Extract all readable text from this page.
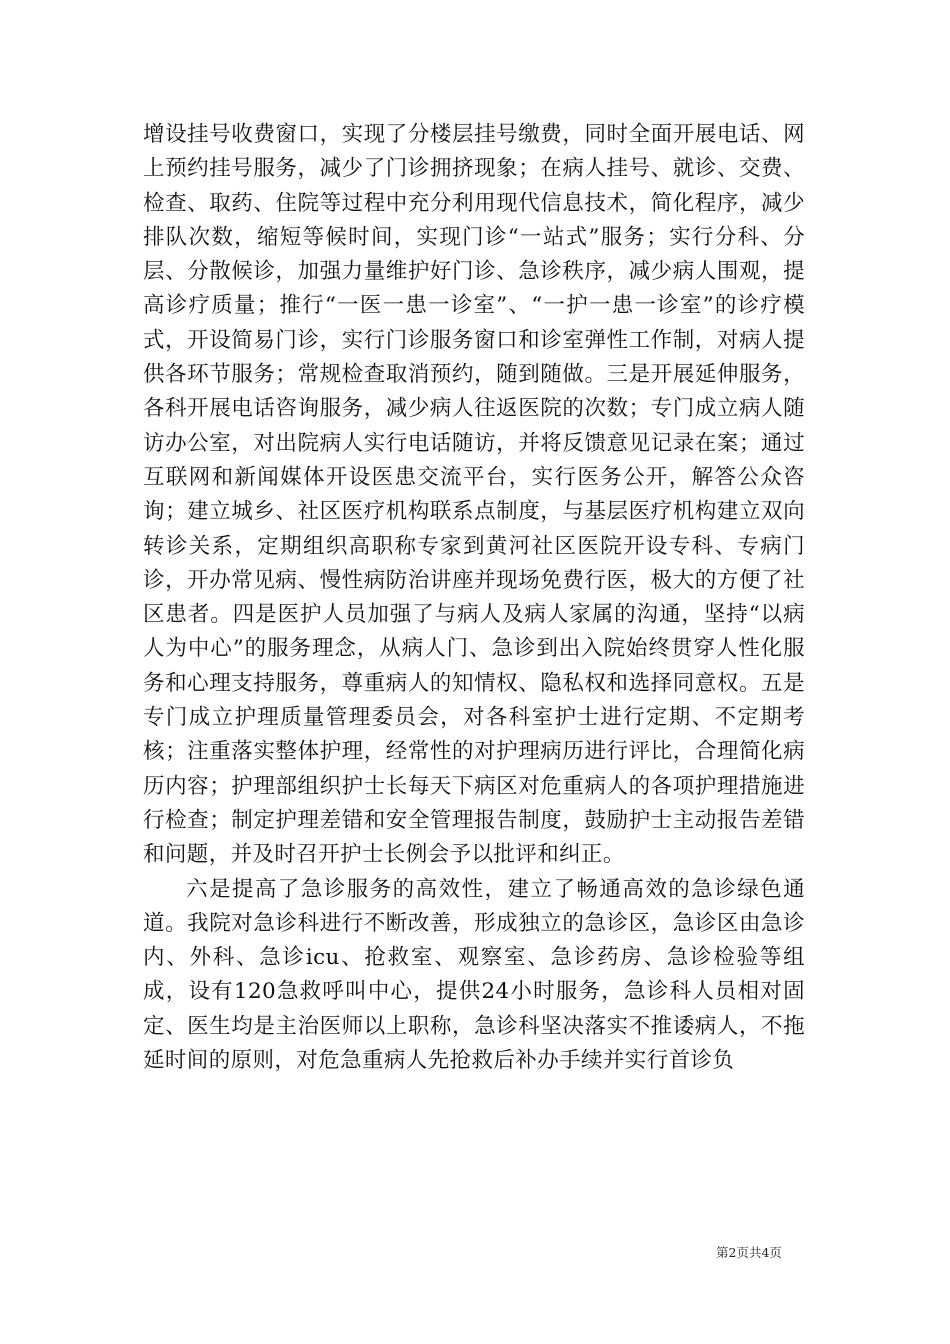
增设挂号收费窗口，实现了分楼层挂号缴费，同时全面开展电话、网上预约挂号服务，减少了门诊拥挤现象；在病人挂号、就诊、交费、检查、取药、住院等过程中充分利用现代信息技术，简化程序，减少排队次数，缩短等候时间，实现门诊“一站式”服务；实行分科、分层、分散候诊，加强力量维护好门诊、急诊秩序，减少病人围观，提高诊疗质量；推行“一医一患一诊室”、“一护一患一诊室”的诊疗模式，开设简易门诊，实行门诊服务窗口和诊室弹性工作制，对病人提供各环节服务；常规检查取消预约，随到随做。三是开展延伸服务，各科开展电话咨询服务，减少病人往返医院的次数；专门成立病人随访办公室，对出院病人实行电话随访，并将反馈意见记录在案；通过互联网和新闻媒体开设医患交流平台，实行医务公开，解答公众咨询；建立城乡、社区医疗机构联系点制度，与基层医疗机构建立双向转诊关系，定期组织高职称专家到黄河社区医院开设专科、专病门诊，开办常见病、慢性病防治讲座并现场免费行医，极大的方便了社区患者。四是医护人员加强了与病人及病人家属的沟通，坚持“以病人为中心”的服务理念，从病人门、急诊到出入院始终贯穿人性化服务和心理支持服务，尊重病人的知情权、隐私权和选择同意权。五是专门成立护理质量管理委员会，对各科室护士进行定期、不定期考核；注重落实整体护理，经常性的对护理病历进行评比，合理简化病历内容；护理部组织护士长每天下病区对危重病人的各项护理措施进行检查；制定护理差错和安全管理报告制度，鼓励护士主动报告差错和问题，并及时召开护士长例会予以批评和纠正。

六是提高了急诊服务的高效性，建立了畅通高效的急诊绿色通道。我院对急诊科进行不断改善，形成独立的急诊区，急诊区由急诊内、外科、急诊icu、抢救室、观察室、急诊药房、急诊检验等组成，设有120急救呼叫中心，提供24小时服务，急诊科人员相对固定、医生均是主治医师以上职称，急诊科坚决落实不推诿病人，不拖延时间的原则，对危急重病人先抢救后补办手续并实行首诊负

第2页共4页
